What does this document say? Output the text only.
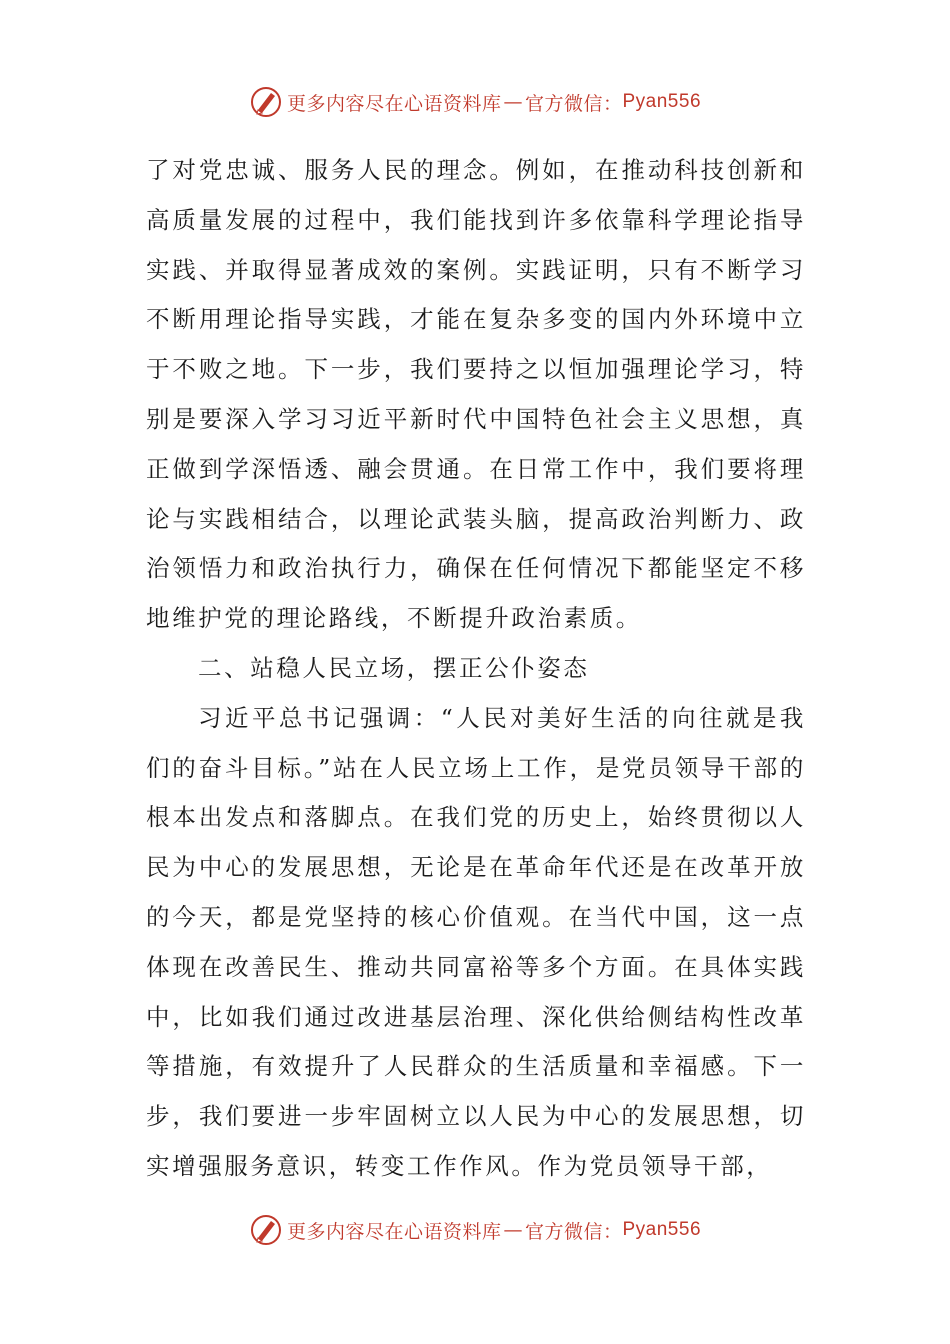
更多内容尽在心语资料库 — 官方微信： Pyan556

了对党忠诚、服务人民的理念。例如，在推动科技创新和高质量发展的过程中，我们能找到许多依靠科学理论指导实践、并取得显著成效的案例。实践证明，只有不断学习不断用理论指导实践，才能在复杂多变的国内外环境中立于不败之地。下一步，我们要持之以恒加强理论学习，特别是要深入学习习近平新时代中国特色社会主义思想，真正做到学深悟透、融会贯通。在日常工作中，我们要将理论与实践相结合，以理论武装头脑，提高政治判断力、政治领悟力和政治执行力，确保在任何情况下都能坚定不移地维护党的理论路线，不断提升政治素质。

二、站稳人民立场，摆正公仆姿态

习近平总书记强调：“人民对美好生活的向往就是我们的奋斗目标。”站在人民立场上工作，是党员领导干部的根本出发点和落脚点。在我们党的历史上，始终贯彻以人民为中心的发展思想，无论是在革命年代还是在改革开放的今天，都是党坚持的核心价值观。在当代中国，这一点体现在改善民生、推动共同富裕等多个方面。在具体实践中，比如我们通过改进基层治理、深化供给侧结构性改革等措施，有效提升了人民群众的生活质量和幸福感。下一步，我们要进一步牢固树立以人民为中心的发展思想，切实增强服务意识，转变工作作风。作为党员领导干部，

更多内容尽在心语资料库 — 官方微信： Pyan556
